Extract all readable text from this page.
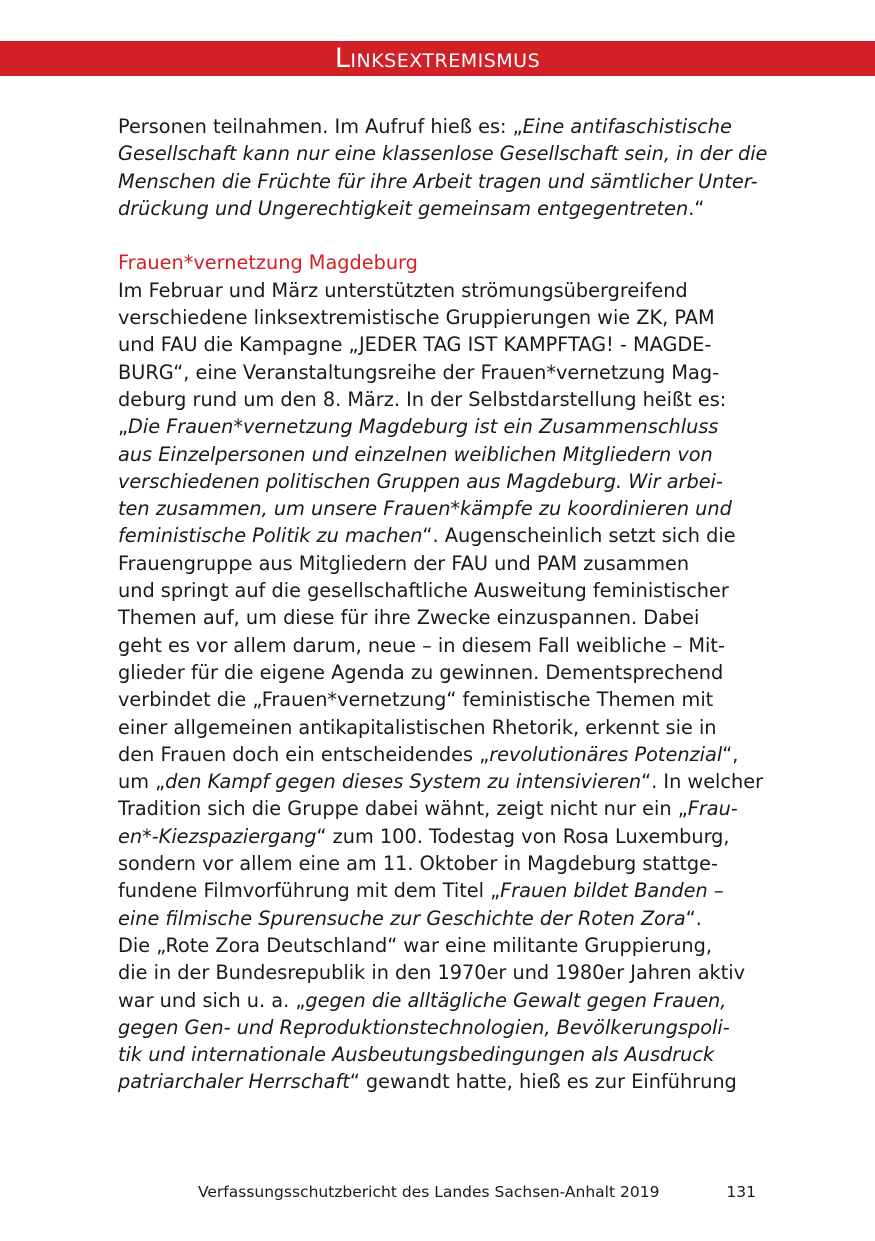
Linksextremismus
Personen teilnahmen. Im Aufruf hieß es: „Eine antifaschistische
Gesellschaft kann nur eine klassenlose Gesellschaft sein, in der die
Menschen die Früchte für ihre Arbeit tragen und sämtlicher Unter-
drückung und Ungerechtigkeit gemeinsam entgegentreten.“
Frauen*vernetzung Magdeburg
Im Februar und März unterstützten strömungsübergreifend
verschiedene linksextremistische Gruppierungen wie ZK, PAM
und FAU die Kampagne „JEDER TAG IST KAMPFTAG! - MAGDE-
BURG“, eine Veranstaltungsreihe der Frauen*vernetzung Mag-
deburg rund um den 8. März. In der Selbstdarstellung heißt es:
„Die Frauen*vernetzung Magdeburg ist ein Zusammenschluss
aus Einzelpersonen und einzelnen weiblichen Mitgliedern von
verschiedenen politischen Gruppen aus Magdeburg. Wir arbei-
ten zusammen, um unsere Frauen*kämpfe zu koordinieren und
feministische Politik zu machen“. Augenscheinlich setzt sich die
Frauengruppe aus Mitgliedern der FAU und PAM zusammen
und springt auf die gesellschaftliche Ausweitung feministischer
Themen auf, um diese für ihre Zwecke einzuspannen. Dabei
geht es vor allem darum, neue – in diesem Fall weibliche – Mit-
glieder für die eigene Agenda zu gewinnen. Dementsprechend
verbindet die „Frauen*vernetzung“ feministische Themen mit
einer allgemeinen antikapitalistischen Rhetorik, erkennt sie in
den Frauen doch ein entscheidendes „revolutionäres Potenzial“,
um „den Kampf gegen dieses System zu intensivieren“. In welcher
Tradition sich die Gruppe dabei wähnt, zeigt nicht nur ein „Frau-
en*-Kiezspaziergang“ zum 100. Todestag von Rosa Luxemburg,
sondern vor allem eine am 11. Oktober in Magdeburg stattge-
fundene Filmvorführung mit dem Titel „Frauen bildet Banden –
eine filmische Spurensuche zur Geschichte der Roten Zora“.
Die „Rote Zora Deutschland“ war eine militante Gruppierung,
die in der Bundesrepublik in den 1970er und 1980er Jahren aktiv
war und sich u. a. „gegen die alltägliche Gewalt gegen Frauen,
gegen Gen- und Reproduktionstechnologien, Bevölkerungspoli-
tik und internationale Ausbeutungsbedingungen als Ausdruck
patriarchaler Herrschaft“ gewandt hatte, hieß es zur Einführung
Verfassungsschutzbericht des Landes Sachsen-Anhalt 2019	131
